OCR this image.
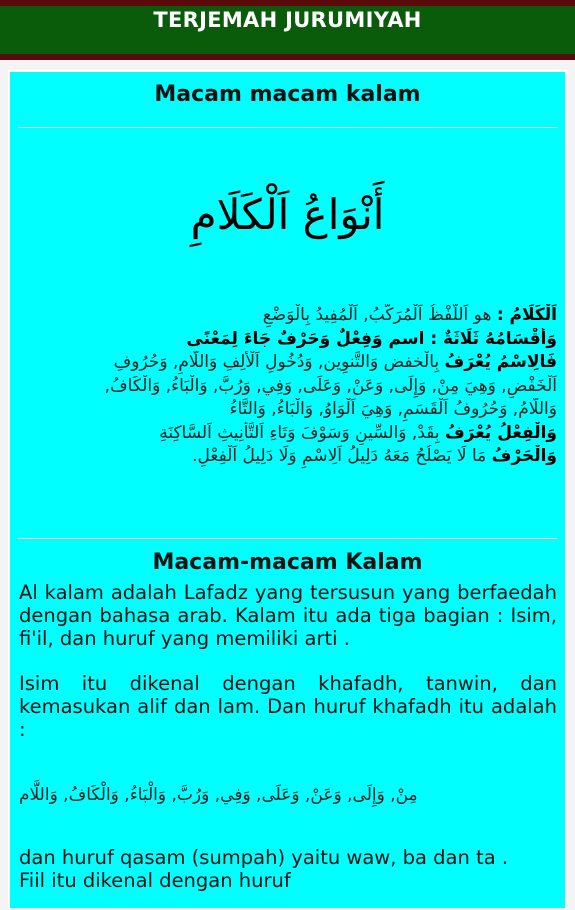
TERJEMAH JURUMIYAH
Macam macam kalam
أَنْوَاعُ اَلْكَلَامِ
اَلْكَلَامُ : هو اَللَّفْظُ اَلْمُرَكَّبُ, اَلْمُفِيدُ بِالْوَضْعِ
وَأَقْسَامُهُ ثَلَاثَةٌ : اسم وَفِعْلٌ وَحَرْفٌ جَاءَ لِمَعْنًى
فَالِاسْمُ يُعْرَفُ بِالْخفض وَالتَّنوِين, وَدُخُولِ اَلْأَلِفِ وَاللَّامِ, وَحُرُوفِ
اَلْخَفْضِ, وَهِيَ مِنْ, وَإِلَى, وَعَنْ, وَعَلَى, وَفِي, وَرُبَّ, وَالْبَاءُ, وَالْكَافُ,
وَاللَّامُ, وَحُرُوفُ اَلْقَسَمِ, وَهِيَ اَلْوَاوُ, وَالْبَاءُ, وَالتَّاءُ
وَالْفِعْلُ يُعْرَفُ بِقَدْ, وَالسِّينِ وَسَوْفَ وَتَاءِ اَلتَّأْنِيثِ اَلسَّاكِنَةِ
وَالْحَرْفُ مَا لَا يَصْلُحُ مَعَهُ دَلِيلُ اَلِاسْمِ وَلَا دَلِيلُ اَلْفِعْلِ.
Macam-macam Kalam
Al kalam adalah Lafadz yang tersusun yang berfaedah dengan bahasa arab. Kalam itu ada tiga bagian : Isim, fi'il, dan huruf yang memiliki arti .
Isim itu dikenal dengan khafadh, tanwin, dan kemasukan alif dan lam. Dan huruf khafadh itu adalah :
مِنْ, وَإِلَى, وَعَنْ, وَعَلَى, وَفِي, وَرُبَّ, وَالْبَاءُ, وَالْكَافُ, وَاللَّام
dan huruf qasam (sumpah) yaitu waw, ba dan ta .
Fiil itu dikenal dengan huruf
